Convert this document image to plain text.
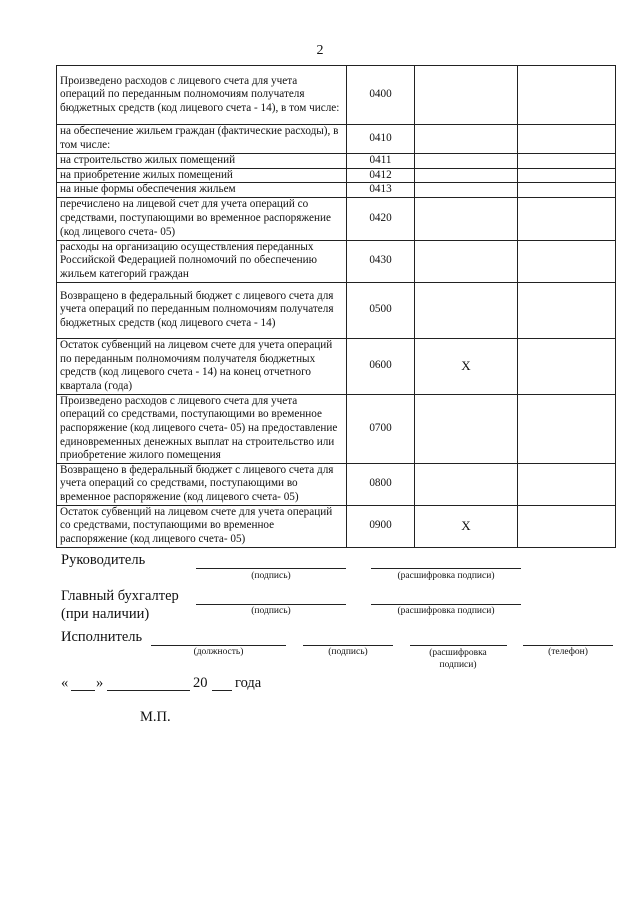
2
Произведено расходов с лицевого счета для учета операций по переданным полномочиям получателя бюджетных средств (код лицевого счета - 14), в том числе:	0400		
на обеспечение жильем граждан (фактические расходы), в том числе:	0410		
на строительство жилых помещений	0411		
на приобретение жилых помещений	0412		
на иные формы обеспечения жильем	0413		
перечислено на лицевой счет для учета операций со средствами, поступающими во временное распоряжение (код лицевого счета- 05)	0420		
расходы на организацию осуществления переданных Российской Федерацией полномочий по обеспечению жильем категорий граждан	0430		
Возвращено в федеральный бюджет с лицевого счета для учета операций по переданным полномочиям получателя бюджетных средств (код лицевого счета - 14)	0500		
Остаток субвенций на лицевом счете для учета операций по переданным полномочиям получателя бюджетных средств (код лицевого счета - 14) на конец отчетного квартала (года)	0600	X	
Произведено расходов с лицевого счета для учета операций со средствами, поступающими во временное распоряжение (код лицевого счета- 05) на предоставление единовременных денежных выплат на строительство или приобретение жилого помещения	0700		
Возвращено в федеральный бюджет с лицевого счета для учета операций со средствами, поступающими во временное распоряжение (код лицевого счета- 05)	0800		
Остаток субвенций на лицевом счете для учета операций со средствами, поступающими во временное распоряжение (код лицевого счета- 05)	0900	X	
Руководитель
(подпись)	(расшифровка подписи)
Главный бухгалтер
(при наличии)	(подпись)	(расшифровка подписи)
Исполнитель
(должность)	(подпись)	(расшифровка подписи)
(телефон)
« »	20 года
М.П.
